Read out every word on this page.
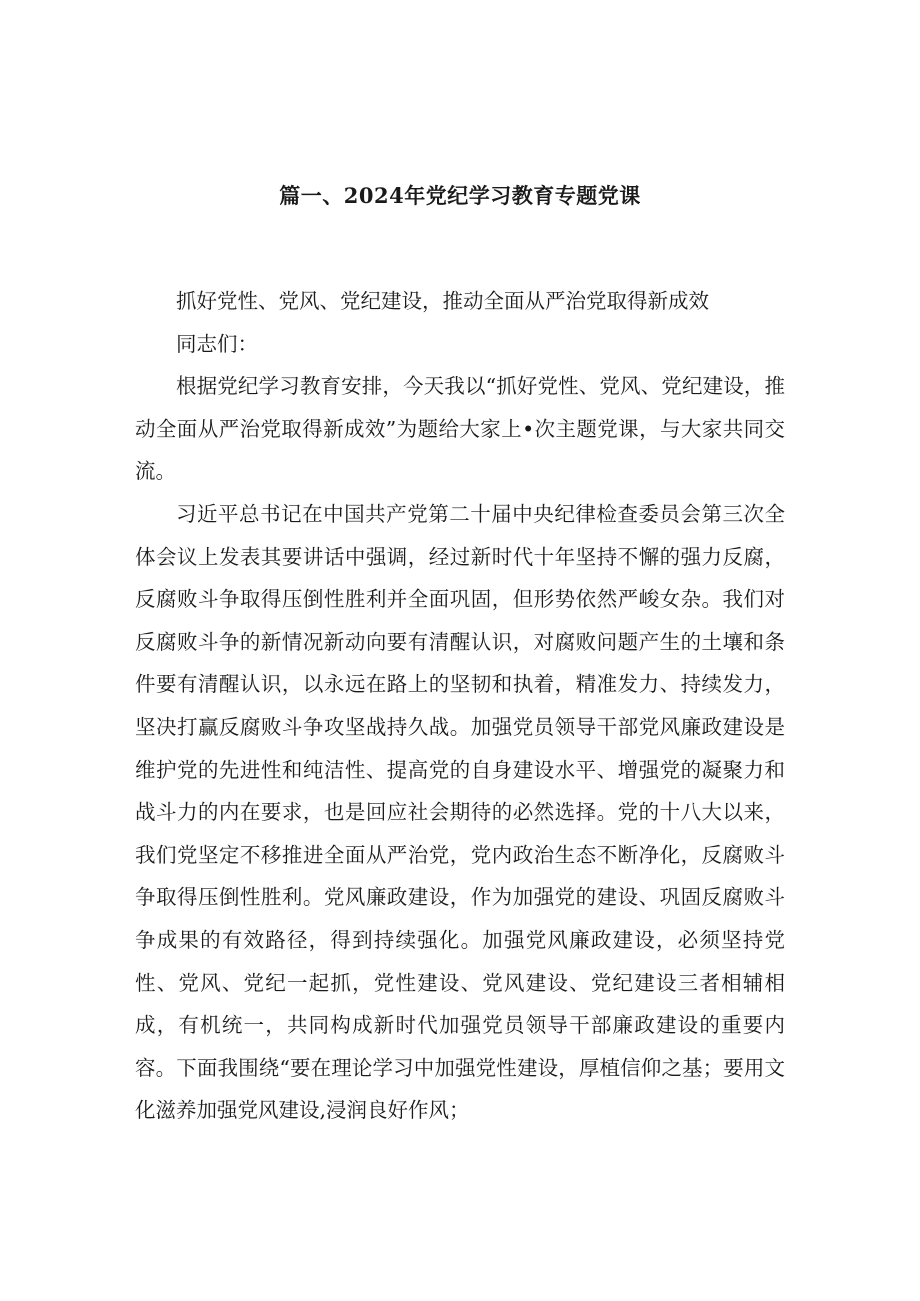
篇一、2024年党纪学习教育专题党课

抓好党性、党风、党纪建设，推动全面从严治党取得新成效

同志们：

根据党纪学习教育安排，今天我以“抓好党性、党风、党纪建设，推动全面从严治党取得新成效”为题给大家上•次主题党课，与大家共同交流。

习近平总书记在中国共产党第二十届中央纪律检查委员会第三次全体会议上发表其要讲话中强调，经过新时代十年坚持不懈的强力反腐，反腐败斗争取得压倒性胜利并全面巩固，但形势依然严峻女杂。我们对反腐败斗争的新情况新动向要有清醒认识，对腐败问题产生的土壤和条件要有清醒认识，以永远在路上的坚韧和执着，精准发力、持续发力，坚决打赢反腐败斗争攻坚战持久战。加强党员领导干部党风廉政建设是维护党的先进性和纯洁性、提高党的自身建设水平、增强党的凝聚力和战斗力的内在要求，也是回应社会期待的必然选择。党的十八大以来，我们党坚定不移推进全面从严治党，党内政治生态不断净化，反腐败斗争取得压倒性胜利。党风廉政建设，作为加强党的建设、巩固反腐败斗争成果的有效路径，得到持续强化。加强党风廉政建设，必须坚持党性、党风、党纪一起抓，党性建设、党风建设、党纪建设三者相辅相成，有机统一，共同构成新时代加强党员领导干部廉政建设的重要内容。下面我围绕“要在理论学习中加强党性建设，厚植信仰之基；要用文化滋养加强党风建设,浸润良好作风；
